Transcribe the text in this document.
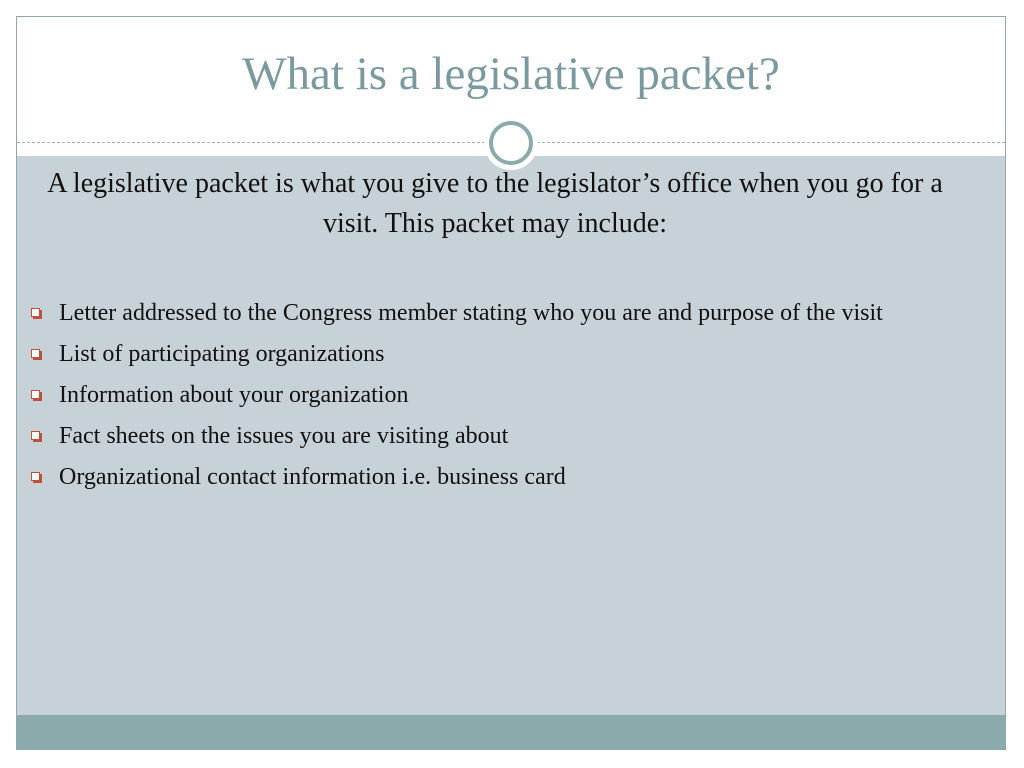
What is a legislative packet?

A legislative packet is what you give to the legislator’s office when you go for a visit. This packet may include:

Letter addressed to the Congress member stating who you are and purpose of the visit
List of participating organizations
Information about your organization
Fact sheets on the issues you are visiting about
Organizational contact information i.e. business card
